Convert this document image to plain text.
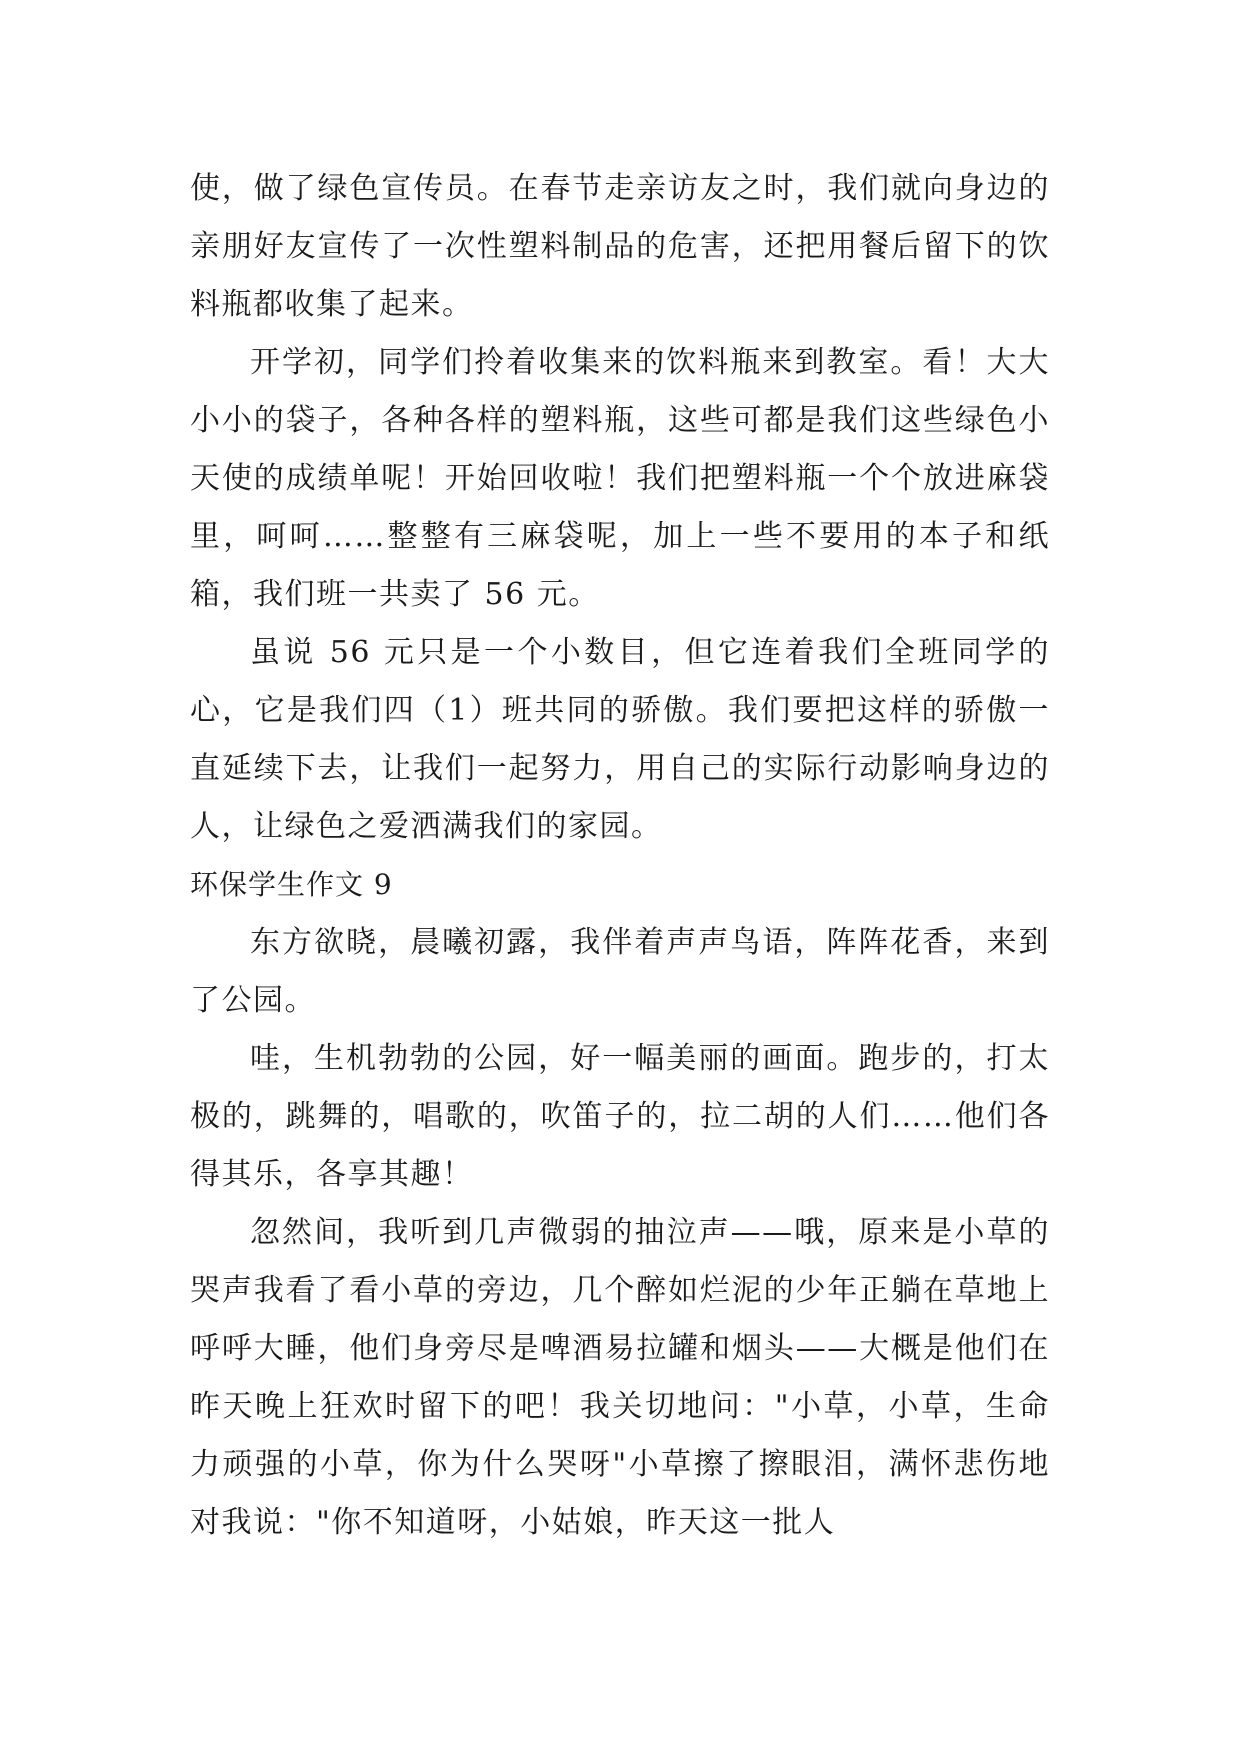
使，做了绿色宣传员。在春节走亲访友之时，我们就向身边的亲朋好友宣传了一次性塑料制品的危害，还把用餐后留下的饮料瓶都收集了起来。

开学初，同学们拎着收集来的饮料瓶来到教室。看！大大小小的袋子，各种各样的塑料瓶，这些可都是我们这些绿色小天使的成绩单呢！开始回收啦！我们把塑料瓶一个个放进麻袋里，呵呵……整整有三麻袋呢，加上一些不要用的本子和纸箱，我们班一共卖了 56 元。

虽说 56 元只是一个小数目，但它连着我们全班同学的心，它是我们四（1）班共同的骄傲。我们要把这样的骄傲一直延续下去，让我们一起努力，用自己的实际行动影响身边的人，让绿色之爱洒满我们的家园。

环保学生作文 9

东方欲晓，晨曦初露，我伴着声声鸟语，阵阵花香，来到了公园。

哇，生机勃勃的公园，好一幅美丽的画面。跑步的，打太极的，跳舞的，唱歌的，吹笛子的，拉二胡的人们……他们各得其乐，各享其趣！

忽然间，我听到几声微弱的抽泣声——哦，原来是小草的哭声我看了看小草的旁边，几个醉如烂泥的少年正躺在草地上呼呼大睡，他们身旁尽是啤酒易拉罐和烟头——大概是他们在昨天晚上狂欢时留下的吧！我关切地问："小草，小草，生命力顽强的小草，你为什么哭呀"小草擦了擦眼泪，满怀悲伤地对我说："你不知道呀，小姑娘，昨天这一批人
